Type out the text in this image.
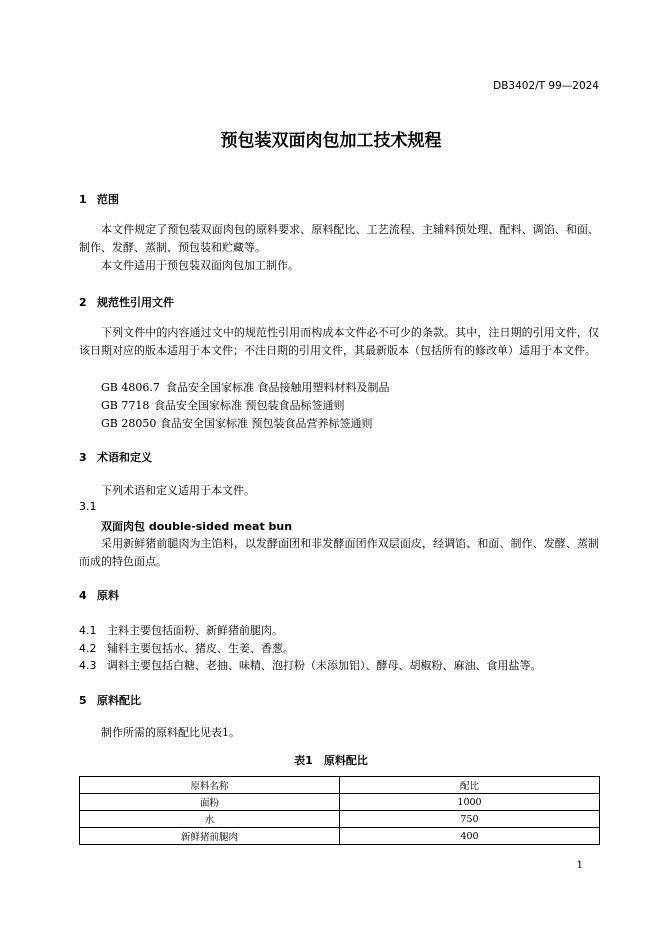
DB3402/T 99—2024
预包装双面肉包加工技术规程
1 范围
本文件规定了预包装双面肉包的原料要求、原料配比、工艺流程、主辅料预处理、配料、调馅、和面、制作、发酵、蒸制、预包装和贮藏等。
本文件适用于预包装双面肉包加工制作。
2 规范性引用文件
下列文件中的内容通过文中的规范性引用而构成本文件必不可少的条款。其中，注日期的引用文件，仅该日期对应的版本适用于本文件；不注日期的引用文件，其最新版本（包括所有的修改单）适用于本文件。
GB 4806.7 食品安全国家标准 食品接触用塑料材料及制品
GB 7718 食品安全国家标准 预包装食品标签通则
GB 28050 食品安全国家标准 预包装食品营养标签通则
3 术语和定义
下列术语和定义适用于本文件。
3.1
双面肉包 double-sided meat bun
采用新鲜猪前腿肉为主馅料，以发酵面团和非发酵面团作双层面皮，经调馅、和面、制作、发酵、蒸制而成的特色面点。
4 原料
4.1 主料主要包括面粉、新鲜猪前腿肉。
4.2 辅料主要包括水、猪皮、生姜、香葱。
4.3 调料主要包括白糖、老抽、味精、泡打粉（未添加铝）、酵母、胡椒粉、麻油、食用盐等。
5 原料配比
制作所需的原料配比见表1。
表1　原料配比
原料名称	配比
面粉	1000
水	750
新鲜猪前腿肉	400
1
